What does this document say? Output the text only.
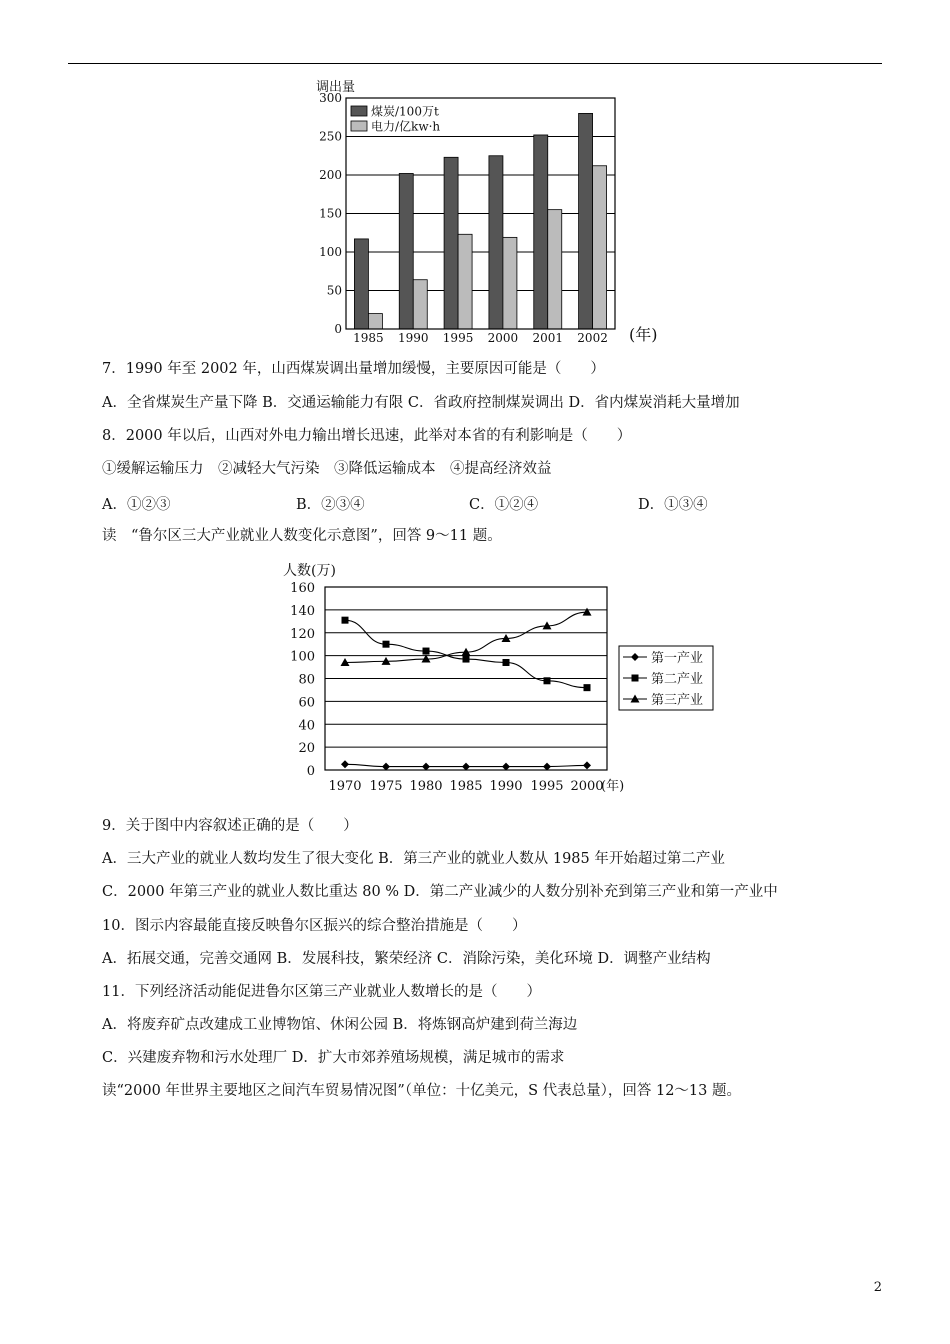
调出量
0
50
100
150
200
250
300
1985 1990 1995 2000 2001 2002
煤炭/100万t
电力/亿kw·h
(年)
7．1990 年至 2002 年，山西煤炭调出量增加缓慢，主要原因可能是（　　）
A．全省煤炭生产量下降 B．交通运输能力有限 C．省政府控制煤炭调出 D．省内煤炭消耗大量增加
8．2000 年以后，山西对外电力输出增长迅速，此举对本省的有利影响是（　　）
①缓解运输压力　②减轻大气污染　③降低运输成本　④提高经济效益
A．①②③	B．②③④	C．①②④	D．①③④
读　“鲁尔区三大产业就业人数变化示意图”，回答 9～11 题。
人数(万)
0
20
40
60
80
100
120
140
160
1970 1975 1980 1985 1990 1995 2000
(年)
第一产业
第二产业
第三产业
9．关于图中内容叙述正确的是（　　）
A．三大产业的就业人数均发生了很大变化 B．第三产业的就业人数从 1985 年开始超过第二产业
C．2000 年第三产业的就业人数比重达 80 % D．第二产业减少的人数分别补充到第三产业和第一产业中
10．图示内容最能直接反映鲁尔区振兴的综合整治措施是（　　）
A．拓展交通，完善交通网 B．发展科技，繁荣经济 C．消除污染，美化环境 D．调整产业结构
11．下列经济活动能促进鲁尔区第三产业就业人数增长的是（　　）
A．将废弃矿点改建成工业博物馆、休闲公园 B．将炼钢高炉建到荷兰海边
C．兴建废弃物和污水处理厂 D．扩大市郊养殖场规模，满足城市的需求
读“2000 年世界主要地区之间汽车贸易情况图”（单位：十亿美元，S 代表总量），回答 12～13 题。
2
